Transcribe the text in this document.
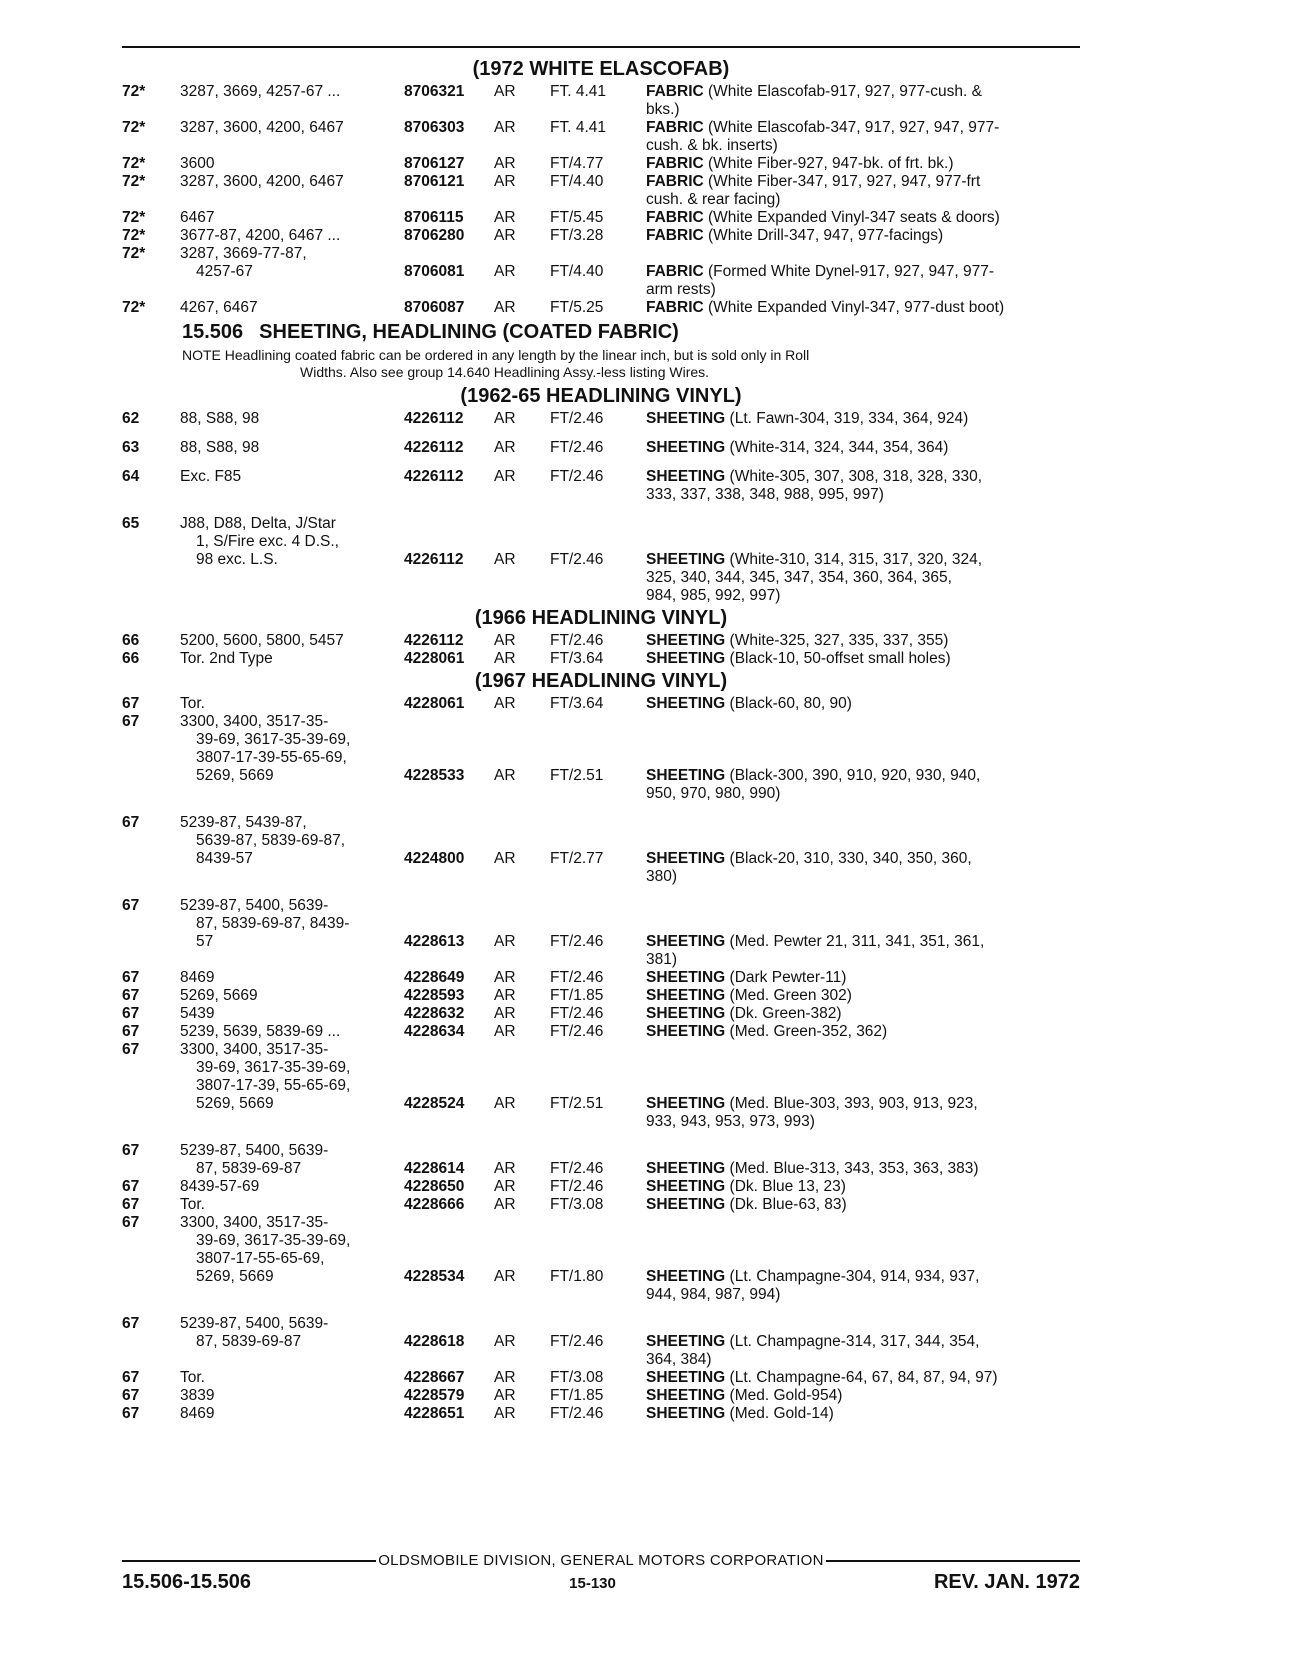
(1972 WHITE ELASCOFAB)
72*	3287, 3669, 4257-67 ...	8706321	AR	FT. 4.41	FABRIC (White Elascofab-917, 927, 977-cush. &
bks.)
72*	3287, 3600, 4200, 6467	8706303	AR	FT. 4.41	FABRIC (White Elascofab-347, 917, 927, 947, 977-
cush. & bk. inserts)
72*	3600	8706127	AR	FT/4.77	FABRIC (White Fiber-927, 947-bk. of frt. bk.)
72*	3287, 3600, 4200, 6467	8706121	AR	FT/4.40	FABRIC (White Fiber-347, 917, 927, 947, 977-frt
cush. & rear facing)
72*	6467	8706115	AR	FT/5.45	FABRIC (White Expanded Vinyl-347 seats & doors)
72*	3677-87, 4200, 6467 ...	8706280	AR	FT/3.28	FABRIC (White Drill-347, 947, 977-facings)
72*	3287, 3669-77-87,
4257-67	8706081	AR	FT/4.40	FABRIC (Formed White Dynel-917, 927, 947, 977-
arm rests)
72*	4267, 6467	8706087	AR	FT/5.25	FABRIC (White Expanded Vinyl-347, 977-dust boot)
15.506 SHEETING, HEADLINING (COATED FABRIC)
NOTE Headlining coated fabric can be ordered in any length by the linear inch, but is sold only in Roll
Widths. Also see group 14.640 Headlining Assy.-less listing Wires.
(1962-65 HEADLINING VINYL)
62	88, S88, 98	4226112	AR	FT/2.46	SHEETING (Lt. Fawn-304, 319, 334, 364, 924)
63	88, S88, 98	4226112	AR	FT/2.46	SHEETING (White-314, 324, 344, 354, 364)
64	Exc. F85	4226112	AR	FT/2.46	SHEETING (White-305, 307, 308, 318, 328, 330,
333, 337, 338, 348, 988, 995, 997)
65	J88, D88, Delta, J/Star
1, S/Fire exc. 4 D.S.,
98 exc. L.S.	4226112	AR	FT/2.46	SHEETING (White-310, 314, 315, 317, 320, 324,
325, 340, 344, 345, 347, 354, 360, 364, 365,
984, 985, 992, 997)
(1966 HEADLINING VINYL)
66	5200, 5600, 5800, 5457	4226112	AR	FT/2.46	SHEETING (White-325, 327, 335, 337, 355)
66	Tor. 2nd Type	4228061	AR	FT/3.64	SHEETING (Black-10, 50-offset small holes)
(1967 HEADLINING VINYL)
67	Tor.	4228061	AR	FT/3.64	SHEETING (Black-60, 80, 90)
67	3300, 3400, 3517-35-
39-69, 3617-35-39-69,
3807-17-39-55-65-69,
5269, 5669	4228533	AR	FT/2.51	SHEETING (Black-300, 390, 910, 920, 930, 940,
950, 970, 980, 990)
67	5239-87, 5439-87,
5639-87, 5839-69-87,
8439-57	4224800	AR	FT/2.77	SHEETING (Black-20, 310, 330, 340, 350, 360,
380)
67	5239-87, 5400, 5639-
87, 5839-69-87, 8439-
57	4228613	AR	FT/2.46	SHEETING (Med. Pewter 21, 311, 341, 351, 361,
381)
67	8469	4228649	AR	FT/2.46	SHEETING (Dark Pewter-11)
67	5269, 5669	4228593	AR	FT/1.85	SHEETING (Med. Green 302)
67	5439	4228632	AR	FT/2.46	SHEETING (Dk. Green-382)
67	5239, 5639, 5839-69 ...	4228634	AR	FT/2.46	SHEETING (Med. Green-352, 362)
67	3300, 3400, 3517-35-
39-69, 3617-35-39-69,
3807-17-39, 55-65-69,
5269, 5669	4228524	AR	FT/2.51	SHEETING (Med. Blue-303, 393, 903, 913, 923,
933, 943, 953, 973, 993)
67	5239-87, 5400, 5639-
87, 5839-69-87	4228614	AR	FT/2.46	SHEETING (Med. Blue-313, 343, 353, 363, 383)
67	8439-57-69	4228650	AR	FT/2.46	SHEETING (Dk. Blue 13, 23)
67	Tor.	4228666	AR	FT/3.08	SHEETING (Dk. Blue-63, 83)
67	3300, 3400, 3517-35-
39-69, 3617-35-39-69,
3807-17-55-65-69,
5269, 5669	4228534	AR	FT/1.80	SHEETING (Lt. Champagne-304, 914, 934, 937,
944, 984, 987, 994)
67	5239-87, 5400, 5639-
87, 5839-69-87	4228618	AR	FT/2.46	SHEETING (Lt. Champagne-314, 317, 344, 354,
364, 384)
67	Tor.	4228667	AR	FT/3.08	SHEETING (Lt. Champagne-64, 67, 84, 87, 94, 97)
67	3839	4228579	AR	FT/1.85	SHEETING (Med. Gold-954)
67	8469	4228651	AR	FT/2.46	SHEETING (Med. Gold-14)
OLDSMOBILE DIVISION, GENERAL MOTORS CORPORATION
15.506-15.506	15-130	REV. JAN. 1972
